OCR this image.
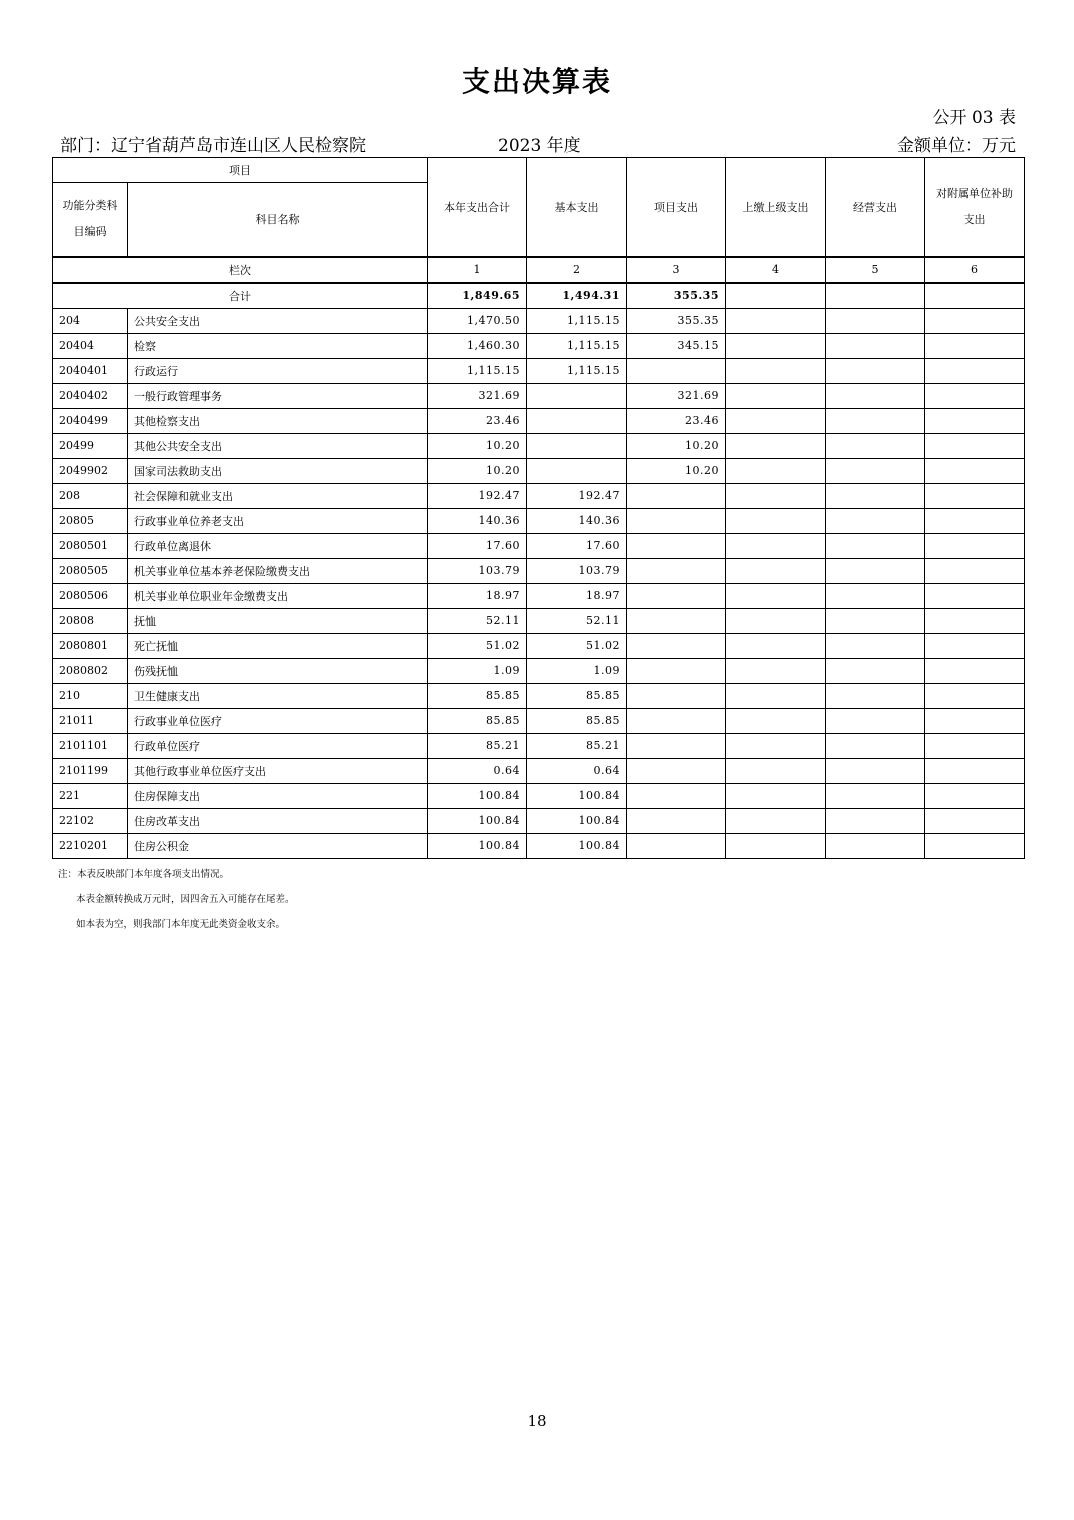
支出决算表
公开 03 表
部门：辽宁省葫芦岛市连山区人民检察院	2023 年度	金额单位：万元
项目		本年支出合计	基本支出	项目支出	上缴上级支出	经营支出	对附属单位补助支出

功能分类科目编码	科目名称						
栏次		1	2	3	4	5	6
合计		1,849.65	1,494.31	355.35			
204	公共安全支出	1,470.50	1,115.15	355.35			
20404	检察	1,460.30	1,115.15	345.15			
2040401	行政运行	1,115.15	1,115.15				
2040402	一般行政管理事务	321.69		321.69			
2040499	其他检察支出	23.46		23.46			
20499	其他公共安全支出	10.20		10.20			
2049902	国家司法救助支出	10.20		10.20			
208	社会保障和就业支出	192.47	192.47				
20805	行政事业单位养老支出	140.36	140.36				
2080501	行政单位离退休	17.60	17.60				
2080505	机关事业单位基本养老保险缴费支出	103.79	103.79				
2080506	机关事业单位职业年金缴费支出	18.97	18.97				
20808	抚恤	52.11	52.11				
2080801	死亡抚恤	51.02	51.02				
2080802	伤残抚恤	1.09	1.09				
210	卫生健康支出	85.85	85.85				
21011	行政事业单位医疗	85.85	85.85				
2101101	行政单位医疗	85.21	85.21				
2101199	其他行政事业单位医疗支出	0.64	0.64				
221	住房保障支出	100.84	100.84				
22102	住房改革支出	100.84	100.84				
2210201	住房公积金	100.84	100.84				
注：本表反映部门本年度各项支出情况。
本表金额转换成万元时，因四舍五入可能存在尾差。
如本表为空，则我部门本年度无此类资金收支余。
18
